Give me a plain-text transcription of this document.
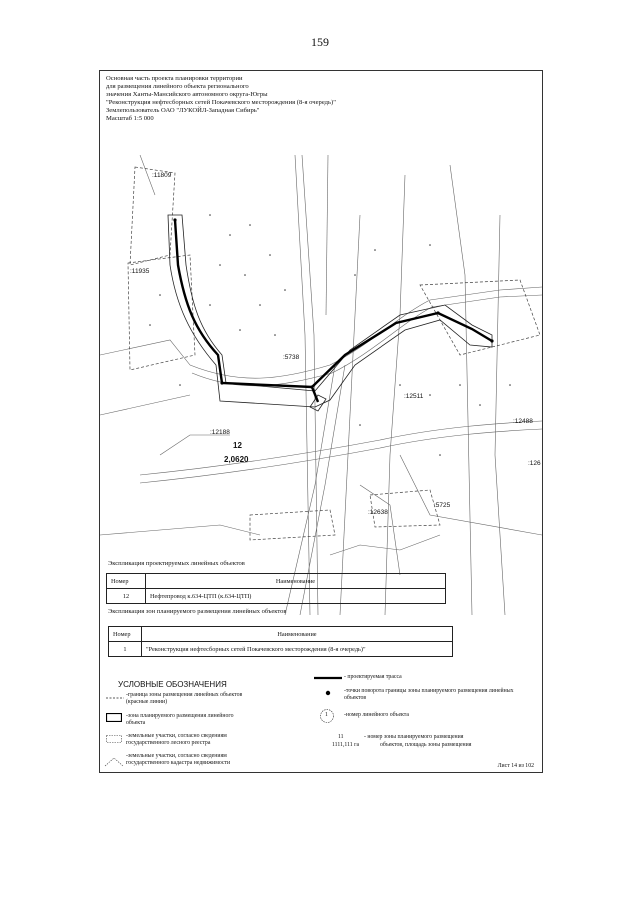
159
Основная часть проекта планировки территории
для размещения линейного объекта регионального
значения Ханты-Мансийского автономного округа-Югры
"Реконструкция нефтесборных сетей Покачевского месторождения (8-я очередь)"
Землепользователь ОАО "ЛУКОЙЛ-Западная Сибирь"
Масштаб 1:5 000
:11809
:11935
:5738
:12511
:12188
12
2,0620
:12488
:126
:12638
:5725
Экспликация проектируемых линейных объектов
Номер	Наименование
12	Нефтепровод к.634-ЦТП (к.634-ЦТП)
Экспликация зон планируемого размещения линейных объектов
Номер	Наименование
1	"Реконструкция нефтесборных сетей Покачевского месторождения (8-я очередь)"
УСЛОВНЫЕ ОБОЗНАЧЕНИЯ
-граница зоны размещения линейных объектов (красные линии)
-зона планируемого размещения линейного объекта
-земельные участки, согласно сведениям государственного лесного реестра
-земельные участки, согласно сведениям государственного кадастра недвижимости
- проектируемая трасса
-точки поворота границы зоны планируемого размещения линейных объектов
1	-номер линейного объекта
11	- номер зоны планируемого размещения
1111,111 га	объектов, площадь зоны размещения
Лист 14 из 102
